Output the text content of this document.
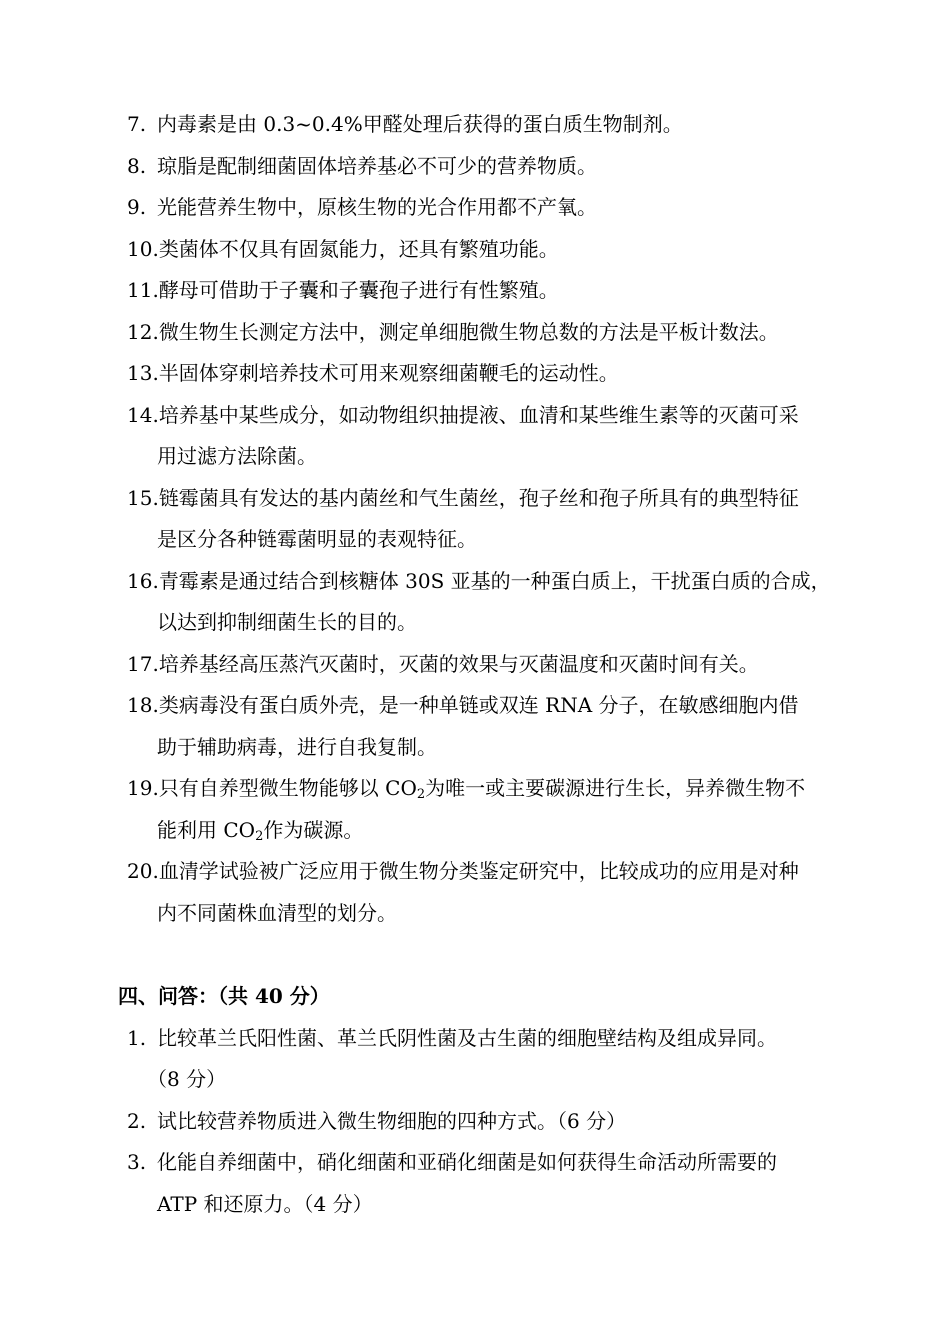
7. 内毒素是由 0.3~0.4%甲醛处理后获得的蛋白质生物制剂。
8. 琼脂是配制细菌固体培养基必不可少的营养物质。
9. 光能营养生物中，原核生物的光合作用都不产氧。
10.类菌体不仅具有固氮能力，还具有繁殖功能。
11.酵母可借助于子囊和子囊孢子进行有性繁殖。
12.微生物生长测定方法中，测定单细胞微生物总数的方法是平板计数法。
13.半固体穿刺培养技术可用来观察细菌鞭毛的运动性。
14.培养基中某些成分，如动物组织抽提液、血清和某些维生素等的灭菌可采
用过滤方法除菌。
15.链霉菌具有发达的基内菌丝和气生菌丝，孢子丝和孢子所具有的典型特征
是区分各种链霉菌明显的表观特征。
16.青霉素是通过结合到核糖体 30S 亚基的一种蛋白质上，干扰蛋白质的合成，
以达到抑制细菌生长的目的。
17.培养基经高压蒸汽灭菌时，灭菌的效果与灭菌温度和灭菌时间有关。
18.类病毒没有蛋白质外壳，是一种单链或双连 RNA 分子，在敏感细胞内借
助于辅助病毒，进行自我复制。
19.只有自养型微生物能够以 $CO_2$为唯一或主要碳源进行生长，异养微生物不
能利用 $CO_2$作为碳源。
20.血清学试验被广泛应用于微生物分类鉴定研究中，比较成功的应用是对种
内不同菌株血清型的划分。
四、问答：（共 40 分）
1. 比较革兰氏阳性菌、革兰氏阴性菌及古生菌的细胞壁结构及组成异同。
（8 分）
2. 试比较营养物质进入微生物细胞的四种方式。（6 分）
3. 化能自养细菌中，硝化细菌和亚硝化细菌是如何获得生命活动所需要的
ATP 和还原力。（4 分）
